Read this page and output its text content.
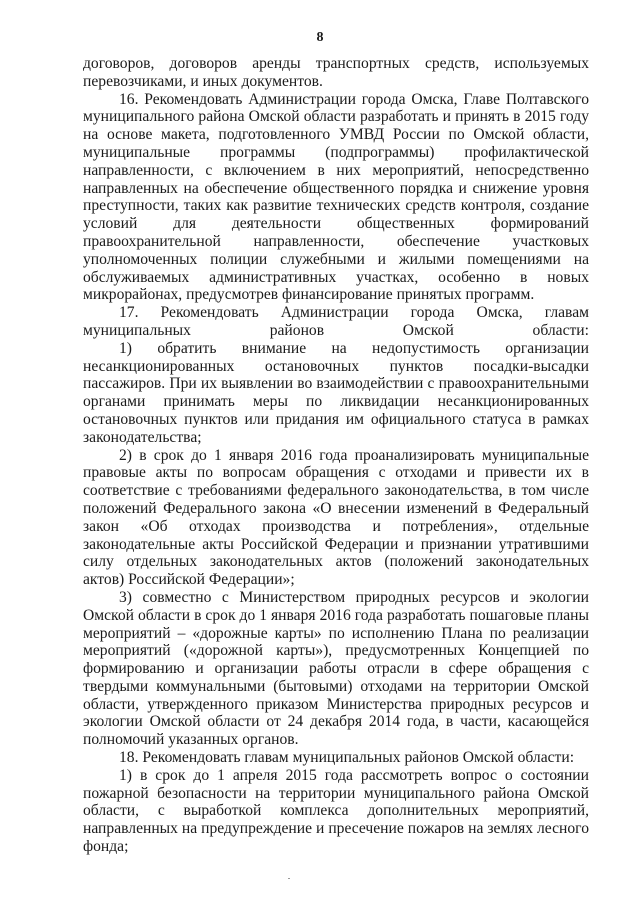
8

договоров, договоров аренды транспортных средств, используемых перевозчиками, и иных документов.

16. Рекомендовать Администрации города Омска, Главе Полтавского муниципального района Омской области разработать и принять в 2015 году на основе макета, подготовленного УМВД России по Омской области, муниципальные программы (подпрограммы) профилактической направленности, с включением в них мероприятий, непосредственно направленных на обеспечение общественного порядка и снижение уровня преступности, таких как развитие технических средств контроля, создание условий для деятельности общественных формирований правоохранительной направленности, обеспечение участковых уполномоченных полиции служебными и жилыми помещениями на обслуживаемых административных участках, особенно в новых микрорайонах, предусмотрев финансирование принятых программ.

17. Рекомендовать Администрации города Омска, главам муниципальных районов Омской области:

1) обратить внимание на недопустимость организации несанкционированных остановочных пунктов посадки-высадки пассажиров. При их выявлении во взаимодействии с правоохранительными органами принимать меры по ликвидации несанкционированных остановочных пунктов или придания им официального статуса в рамках законодательства;

2) в срок до 1 января 2016 года проанализировать муниципальные правовые акты по вопросам обращения с отходами и привести их в соответствие с требованиями федерального законодательства, в том числе положений Федерального закона «О внесении изменений в Федеральный закон «Об отходах производства и потребления», отдельные законодательные акты Российской Федерации и признании утратившими силу отдельных законодательных актов (положений законодательных актов) Российской Федерации»;

3) совместно с Министерством природных ресурсов и экологии Омской области в срок до 1 января 2016 года разработать пошаговые планы мероприятий – «дорожные карты» по исполнению Плана по реализации мероприятий («дорожной карты»), предусмотренных Концепцией по формированию и организации работы отрасли в сфере обращения с твердыми коммунальными (бытовыми) отходами на территории Омской области, утвержденного приказом Министерства природных ресурсов и экологии Омской области от 24 декабря 2014 года, в части, касающейся полномочий указанных органов.

18. Рекомендовать главам муниципальных районов Омской области:

1) в срок до 1 апреля 2015 года рассмотреть вопрос о состоянии пожарной безопасности на территории муниципального района Омской области, с выработкой комплекса дополнительных мероприятий, направленных на предупреждение и пресечение пожаров на землях лесного фонда;
